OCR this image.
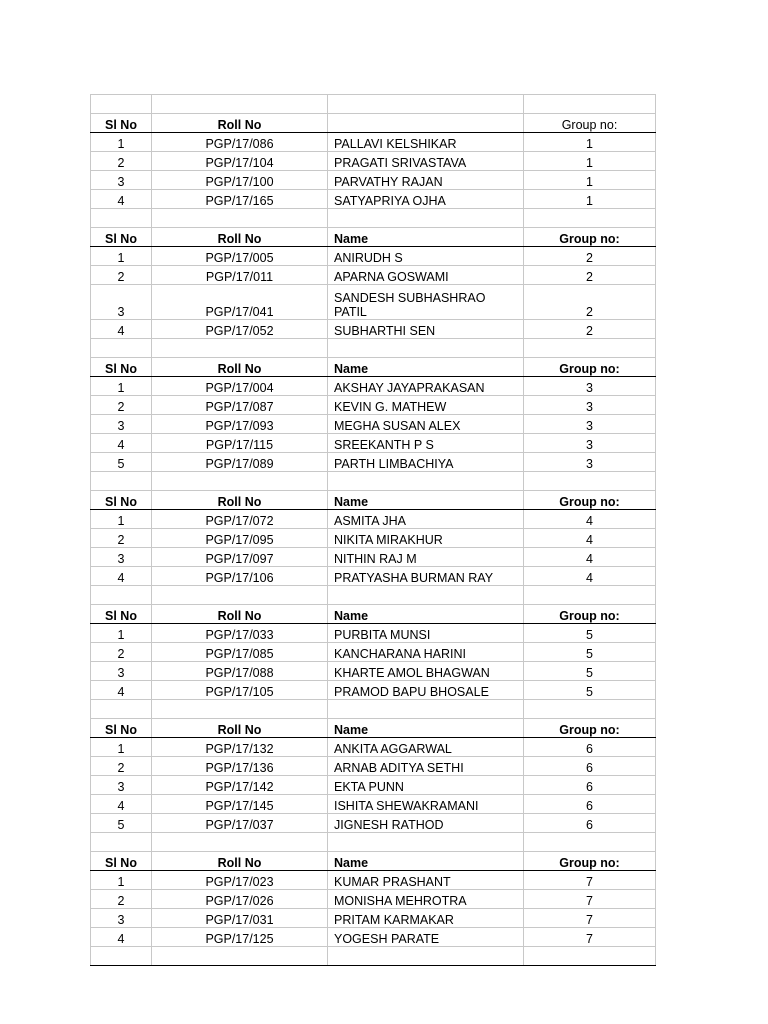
Sl No	Roll No		Group no:
1	PGP/17/086	PALLAVI KELSHIKAR	1
2	PGP/17/104	PRAGATI SRIVASTAVA	1
3	PGP/17/100	PARVATHY RAJAN	1
4	PGP/17/165	SATYAPRIYA OJHA	1

Sl No	Roll No	Name	Group no:
1	PGP/17/005	ANIRUDH S	2
2	PGP/17/011	APARNA GOSWAMI	2
3	PGP/17/041	SANDESH SUBHASHRAO PATIL	2
4	PGP/17/052	SUBHARTHI SEN	2

Sl No	Roll No	Name	Group no:
1	PGP/17/004	AKSHAY JAYAPRAKASAN	3
2	PGP/17/087	KEVIN G. MATHEW	3
3	PGP/17/093	MEGHA SUSAN ALEX	3
4	PGP/17/115	SREEKANTH P S	3
5	PGP/17/089	PARTH LIMBACHIYA	3

Sl No	Roll No	Name	Group no:
1	PGP/17/072	ASMITA JHA	4
2	PGP/17/095	NIKITA MIRAKHUR	4
3	PGP/17/097	NITHIN RAJ M	4
4	PGP/17/106	PRATYASHA BURMAN RAY	4

Sl No	Roll No	Name	Group no:
1	PGP/17/033	PURBITA MUNSI	5
2	PGP/17/085	KANCHARANA HARINI	5
3	PGP/17/088	KHARTE AMOL BHAGWAN	5
4	PGP/17/105	PRAMOD BAPU BHOSALE	5

Sl No	Roll No	Name	Group no:
1	PGP/17/132	ANKITA AGGARWAL	6
2	PGP/17/136	ARNAB ADITYA SETHI	6
3	PGP/17/142	EKTA PUNN	6
4	PGP/17/145	ISHITA SHEWAKRAMANI	6
5	PGP/17/037	JIGNESH RATHOD	6

Sl No	Roll No	Name	Group no:
1	PGP/17/023	KUMAR PRASHANT	7
2	PGP/17/026	MONISHA MEHROTRA	7
3	PGP/17/031	PRITAM KARMAKAR	7
4	PGP/17/125	YOGESH PARATE	7
